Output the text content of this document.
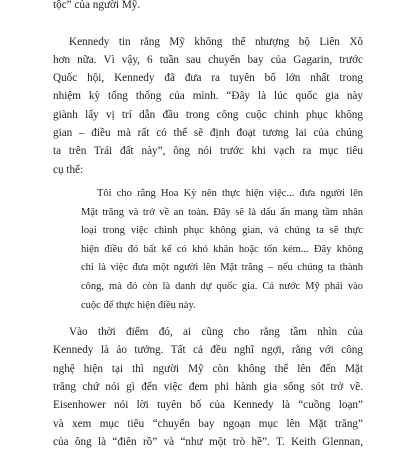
tộc” của người Mỹ.
Kennedy tin rằng Mỹ không thể nhượng bộ Liên Xô
hơn nữa. Vì vậy, 6 tuần sau chuyến bay của Gagarin, trước
Quốc hội, Kennedy đã đưa ra tuyên bố lớn nhất trong
nhiệm kỳ tổng thống của mình. “Đây là lúc quốc gia này
giành lấy vị trí dẫn đầu trong công cuộc chinh phục không
gian – điều mà rất có thể sẽ định đoạt tương lai của chúng
ta trên Trái đất này”, ông nói trước khi vạch ra mục tiêu
cụ thể:
Tôi cho rằng Hoa Kỳ nên thực hiện việc... đưa người lên
Mặt trăng và trở về an toàn. Đây sẽ là dấu ấn mang tầm nhân
loại trong việc chinh phục không gian, và chúng ta sẽ thực
hiện điều đó bất kể có khó khăn hoặc tốn kém... Đây không
chỉ là việc đưa một người lên Mặt trăng – nếu chúng ta thành
công, mà đó còn là danh dự quốc gia. Cả nước Mỹ phải vào
cuộc để thực hiện điều này.
Vào thời điểm đó, ai cũng cho rằng tầm nhìn của
Kennedy là ảo tưởng. Tất cả đều nghĩ ngợi, rằng với công
nghệ hiện tại thì người Mỹ còn không thể lên đến Mặt
trăng chứ nói gì đến việc đem phi hành gia sống sót trở về.
Eisenhower nói lời tuyên bố của Kennedy là “cuồng loạn”
và xem mục tiêu “chuyến bay ngoạn mục lên Mặt trăng”
của ông là “điên rồ” và “như một trò hề”. T. Keith Glennan,
